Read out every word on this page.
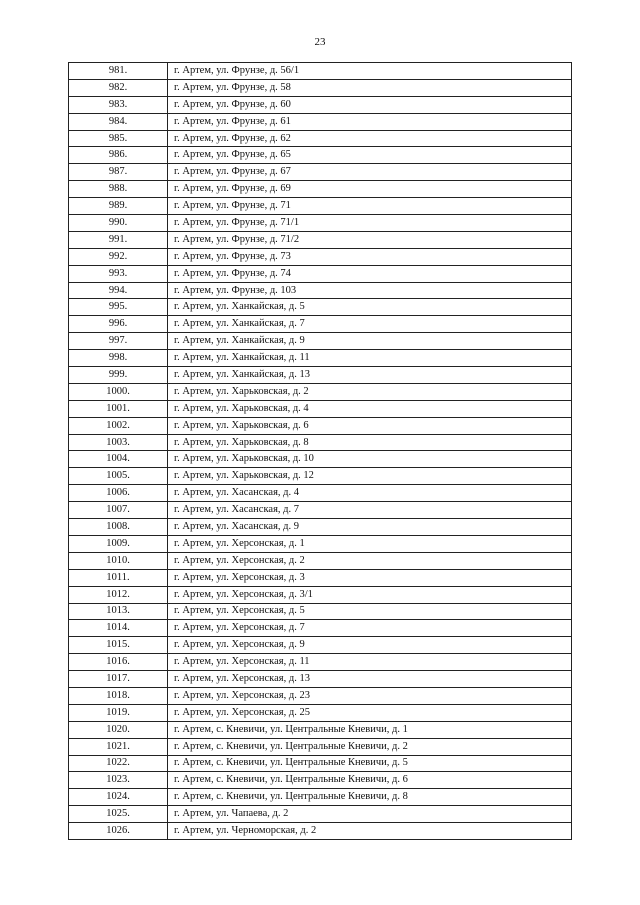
23
981.	г. Артем, ул. Фрунзе, д. 56/1
982.	г. Артем, ул. Фрунзе, д. 58
983.	г. Артем, ул. Фрунзе, д. 60
984.	г. Артем, ул. Фрунзе, д. 61
985.	г. Артем, ул. Фрунзе, д. 62
986.	г. Артем, ул. Фрунзе, д. 65
987.	г. Артем, ул. Фрунзе, д. 67
988.	г. Артем, ул. Фрунзе, д. 69
989.	г. Артем, ул. Фрунзе, д. 71
990.	г. Артем, ул. Фрунзе, д. 71/1
991.	г. Артем, ул. Фрунзе, д. 71/2
992.	г. Артем, ул. Фрунзе, д. 73
993.	г. Артем, ул. Фрунзе, д. 74
994.	г. Артем, ул. Фрунзе, д. 103
995.	г. Артем, ул. Ханкайская, д. 5
996.	г. Артем, ул. Ханкайская, д. 7
997.	г. Артем, ул. Ханкайская, д. 9
998.	г. Артем, ул. Ханкайская, д. 11
999.	г. Артем, ул. Ханкайская, д. 13
1000.	г. Артем, ул. Харьковская, д. 2
1001.	г. Артем, ул. Харьковская, д. 4
1002.	г. Артем, ул. Харьковская, д. 6
1003.	г. Артем, ул. Харьковская, д. 8
1004.	г. Артем, ул. Харьковская, д. 10
1005.	г. Артем, ул. Харьковская, д. 12
1006.	г. Артем, ул. Хасанская, д. 4
1007.	г. Артем, ул. Хасанская, д. 7
1008.	г. Артем, ул. Хасанская, д. 9
1009.	г. Артем, ул. Херсонская, д. 1
1010.	г. Артем, ул. Херсонская, д. 2
1011.	г. Артем, ул. Херсонская, д. 3
1012.	г. Артем, ул. Херсонская, д. 3/1
1013.	г. Артем, ул. Херсонская, д. 5
1014.	г. Артем, ул. Херсонская, д. 7
1015.	г. Артем, ул. Херсонская, д. 9
1016.	г. Артем, ул. Херсонская, д. 11
1017.	г. Артем, ул. Херсонская, д. 13
1018.	г. Артем, ул. Херсонская, д. 23
1019.	г. Артем, ул. Херсонская, д. 25
1020.	г. Артем, с. Кневичи, ул. Центральные Кневичи, д. 1
1021.	г. Артем, с. Кневичи, ул. Центральные Кневичи, д. 2
1022.	г. Артем, с. Кневичи, ул. Центральные Кневичи, д. 5
1023.	г. Артем, с. Кневичи, ул. Центральные Кневичи, д. 6
1024.	г. Артем, с. Кневичи, ул. Центральные Кневичи, д. 8
1025.	г. Артем, ул. Чапаева, д. 2
1026.	г. Артем, ул. Черноморская, д. 2
